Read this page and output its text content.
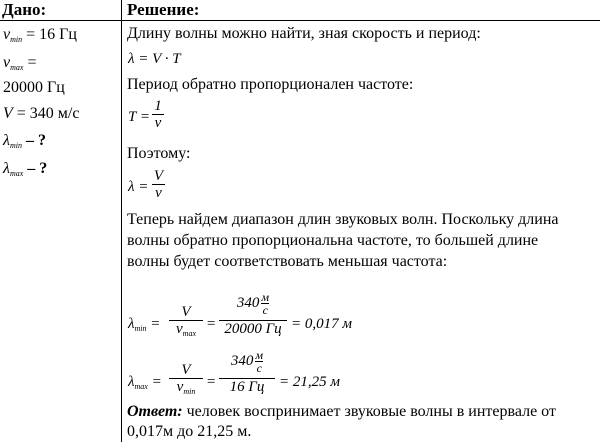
Дано:
$\nu_{min} = 16$ Гц
$\nu_{max}$ =
20000 Гц
V = 340 м/с
$\lambda_{min}$ – ?
$\lambda_{max}$ – ?
Решение:
Длину волны можно найти, зная скорость и период:
λ = V · T
Период обратно пропорционален частоте:
T =
1
ν
Поэтому:
λ =
V
ν
Теперь найдем диапазон длин звуковых волн. Поскольку длина
волны обратно пропорциональна частоте, то большей длине
волны будет соответствовать меньшая частота:
$\lambda_{min}$ =
V
$\nu_{max}$
=
340 м
c
20000 Гц = 0,017 м
$\lambda_{max}$ =
V
$\nu_{min}$
=
340 м
c
16 Гц = 21,25 м
Ответ: человек воспринимает звуковые волны в интервале от
0,017м до 21,25 м.
